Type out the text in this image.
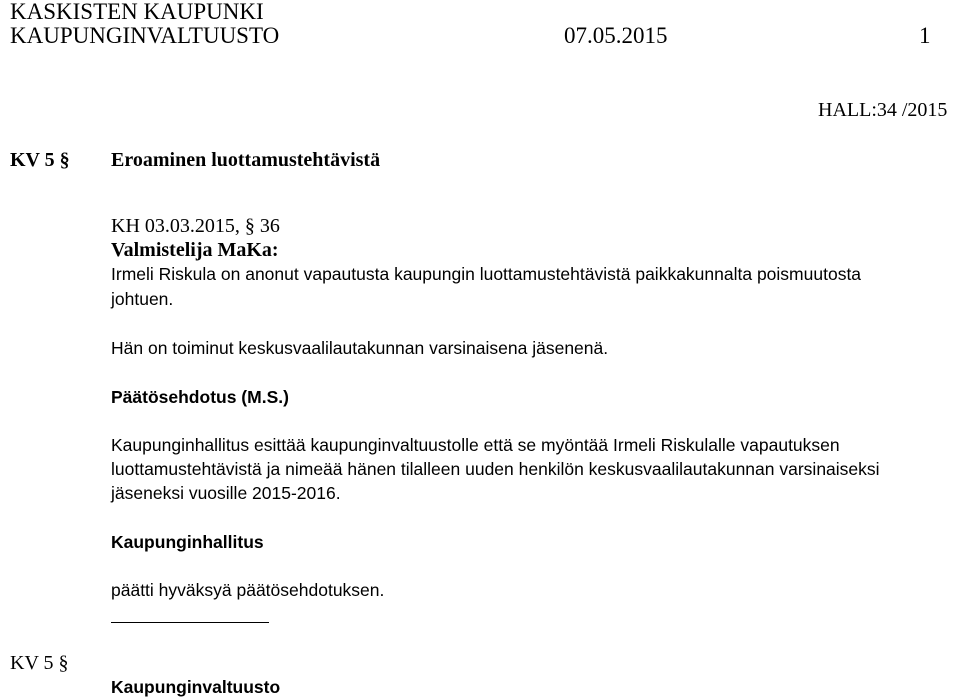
KASKISTEN KAUPUNKI
KAUPUNGINVALTUUSTO	07.05.2015	1
HALL:34 /2015
KV 5 § Eroaminen luottamustehtävistä
KH 03.03.2015, § 36
Valmistelija MaKa:
Irmeli Riskula on anonut vapautusta kaupungin luottamustehtävistä paikkakunnalta poismuutosta
johtuen.
Hän on toiminut keskusvaalilautakunnan varsinaisena jäsenenä.
Päätösehdotus (M.S.)
Kaupunginhallitus esittää kaupunginvaltuustolle että se myöntää Irmeli Riskulalle vapautuksen
luottamustehtävistä ja nimeää hänen tilalleen uuden henkilön keskusvaalilautakunnan varsinaiseksi
jäseneksi vuosille 2015-2016.
Kaupunginhallitus
päätti hyväksyä päätösehdotuksen.
KV 5 §
Kaupunginvaltuusto
